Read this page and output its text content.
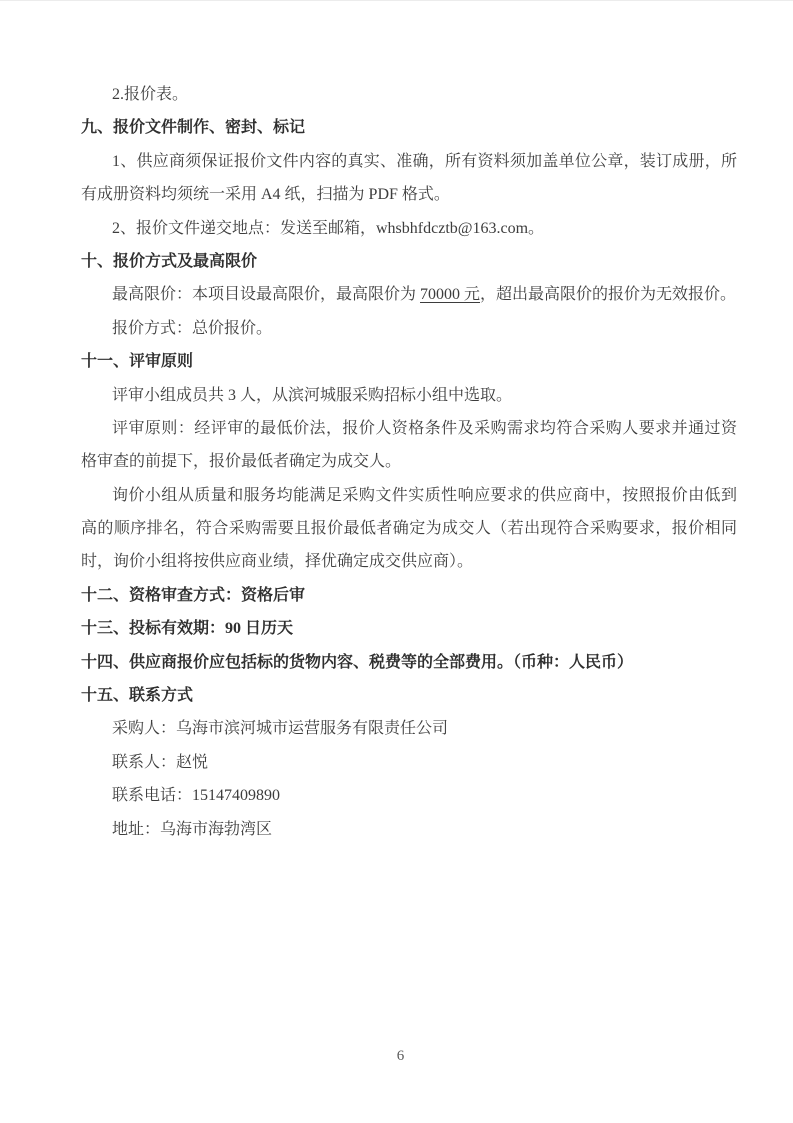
2.报价表。
九、报价文件制作、密封、标记
1、供应商须保证报价文件内容的真实、准确，所有资料须加盖单位公章，装订成册，所
有成册资料均须统一采用 A4 纸，扫描为 PDF 格式。
2、报价文件递交地点：发送至邮箱，whsbhfdcztb@163.com。
十、报价方式及最高限价
最高限价：本项目设最高限价，最高限价为 70000 元，超出最高限价的报价为无效报价。
报价方式：总价报价。
十一、评审原则
评审小组成员共 3 人，从滨河城服采购招标小组中选取。
评审原则：经评审的最低价法，报价人资格条件及采购需求均符合采购人要求并通过资
格审查的前提下，报价最低者确定为成交人。
询价小组从质量和服务均能满足采购文件实质性响应要求的供应商中，按照报价由低到
高的顺序排名，符合采购需要且报价最低者确定为成交人（若出现符合采购要求，报价相同
时，询价小组将按供应商业绩，择优确定成交供应商）。
十二、资格审查方式：资格后审
十三、投标有效期：90 日历天
十四、供应商报价应包括标的货物内容、税费等的全部费用。（币种：人民币）
十五、联系方式
采购人：乌海市滨河城市运营服务有限责任公司
联系人：赵悦
联系电话：15147409890
地址：乌海市海勃湾区
6
